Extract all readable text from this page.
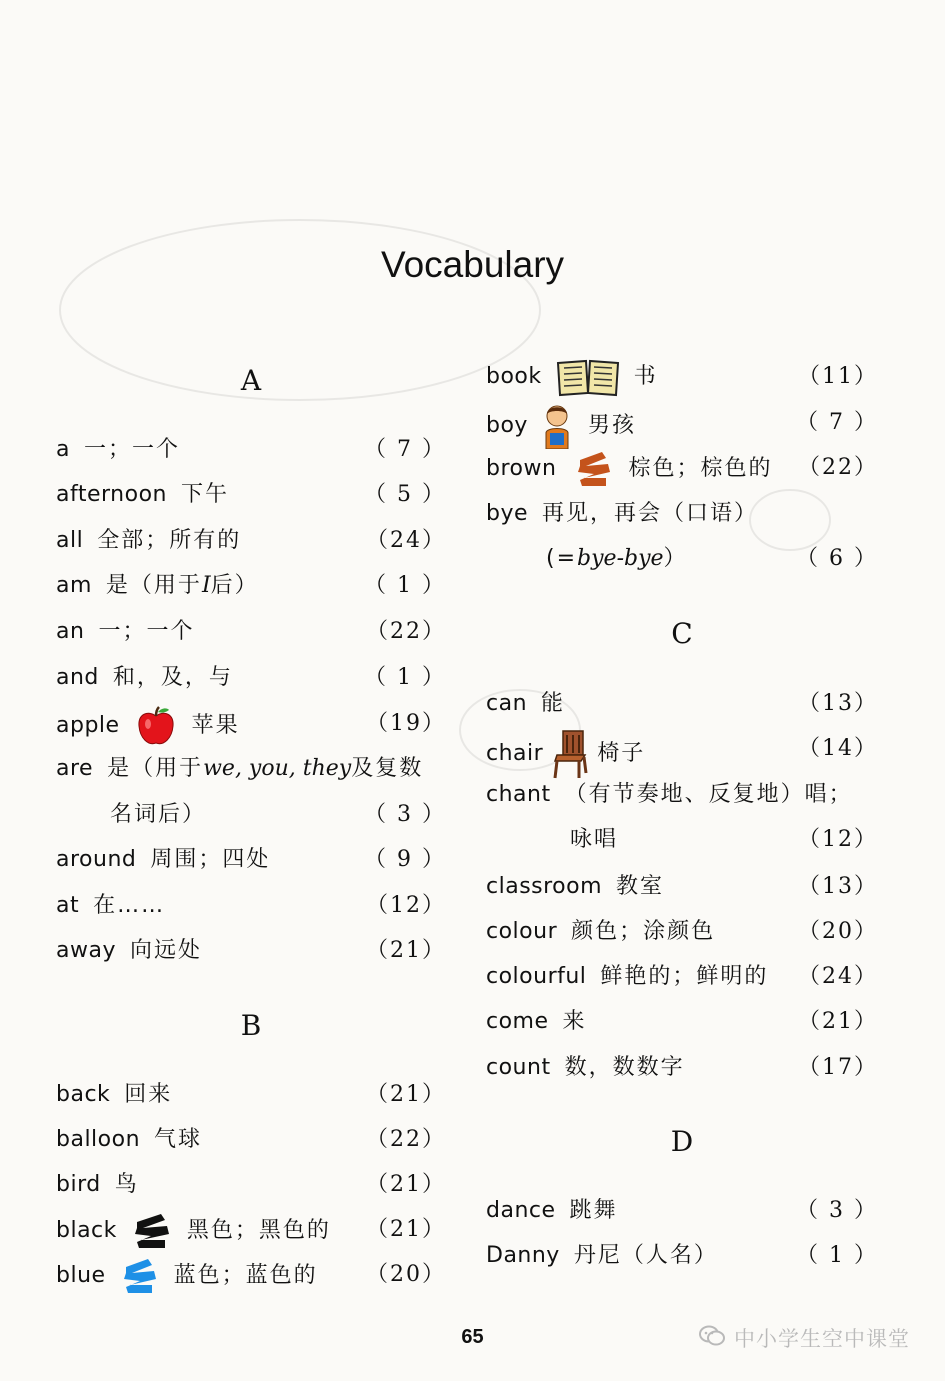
Vocabulary
A
a 一；一个	（ 7 ）
afternoon 下午	（ 5 ）
all 全部；所有的	（24）
am 是（用于I后）	（ 1 ）
an 一；一个	（22）
and 和，及，与	（ 1 ）
apple	苹果	（19）
are 是（用于we, you, they及复数
名词后）	（ 3 ）
around 周围；四处	（ 9 ）
at 在……	（12）
away 向远处	（21）
B
back 回来	（21）
balloon 气球	（22）
bird 鸟	（21）
black	黑色；黑色的 （21）
blue	蓝色；蓝色的 （20）
book	书	（11）
boy	男孩	（ 7 ）
brown	棕色；棕色的 （22）
bye 再见，再会（口语）
(=bye-bye）	（ 6 ）
C
can 能	（13）
chair 椅子	（14）
chant （有节奏地、反复地）唱；
咏唱	（12）
classroom 教室	（13）
colour 颜色；涂颜色	（20）
colourful 鲜艳的；鲜明的 （24）
come 来	（21）
count 数，数数字	（17）
D
dance 跳舞	（ 3 ）
Danny 丹尼（人名）	（ 1 ）
65	中小学生空中课堂
